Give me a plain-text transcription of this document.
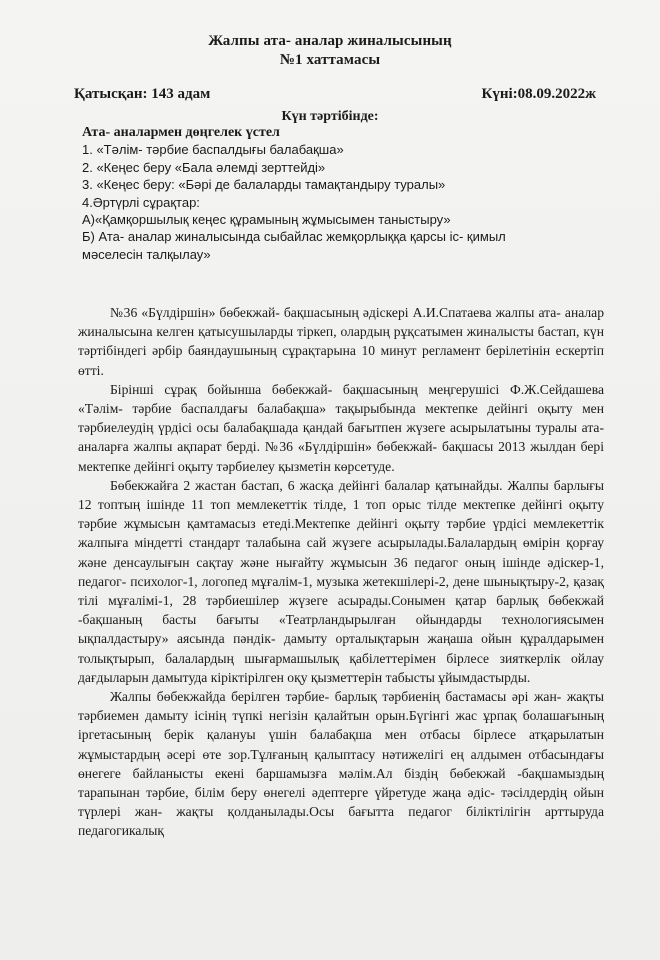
Жалпы ата- аналар жиналысының
№1 хаттамасы
Қатысқан: 143 адам	Күні:08.09.2022ж
Күн тәртібінде:
Ата- аналармен дөңгелек үстел
1. «Тәлім- тәрбие баспалдығы балабақша»
2. «Кеңес беру «Бала әлемді зерттейді»
3. «Кеңес беру: «Бәрі де балаларды тамақтандыру туралы»
4.Әртүрлі сұрақтар:
А)«Қамқоршылық кеңес құрамының жұмысымен таныстыру»
Б) Ата- аналар жиналысында сыбайлас жемқорлыққа қарсы іс- қимыл
мәселесін талқылау»

№36 «Бүлдіршін» бөбекжай- бақшасының әдіскері А.И.Спатаева жалпы ата- аналар жиналысына келген қатысушыларды тіркеп, олардың рұқсатымен жиналысты бастап, күн тәртібіндегі әрбір баяндаушының сұрақтарына 10 минут регламент берілетінін ескертіп өтті.

Бірінші сұрақ бойынша бөбекжай- бақшасының меңгерушісі Ф.Ж.Сейдашева «Тәлім- тәрбие баспалдағы балабақша» тақырыбында мектепке дейінгі оқыту мен тәрбиелеудің үрдісі осы балабақшада қандай бағытпен жүзеге асырылатыны туралы ата- аналарға жалпы ақпарат берді. №36 «Бүлдіршін» бөбекжай- бақшасы 2013 жылдан бері мектепке дейінгі оқыту тәрбиелеу қызметін көрсетуде.

Бөбекжайға 2 жастан бастап, 6 жасқа дейінгі балалар қатынайды. Жалпы барлығы 12 топтың ішінде 11 топ мемлекеттік тілде, 1 топ орыс тілде мектепке дейінгі оқыту тәрбие жұмысын қамтамасыз етеді.Мектепке дейінгі оқыту тәрбие үрдісі мемлекеттік жалпыға міндетті стандарт талабына сай жүзеге асырылады.Балалардың өмірін қорғау және денсаулығын сақтау және нығайту жұмысын 36 педагог оның ішінде әдіскер-1, педагог- психолог-1, логопед мұғалім-1, музыка жетекшілері-2, дене шынықтыру-2, қазақ тілі мұғалімі-1, 28 тәрбиешілер жүзеге асырады.Сонымен қатар барлық бөбекжай -бақшаның басты бағыты «Театрландырылған ойындарды технологиясымен ықпалдастыру» аясында пәндік- дамыту орталықтарын жаңаша ойын құралдарымен толықтырып, балалардың шығармашылық қабілеттерімен бірлесе зияткерлік ойлау дағдыларын дамытуда кіріктірілген оқу қызметтерін табысты ұйымдастырды.

Жалпы бөбекжайда берілген тәрбие- барлық тәрбиенің бастамасы әрі жан- жақты тәрбиемен дамыту ісінің түпкі негізін қалайтын орын.Бүгінгі жас ұрпақ болашағының іргетасының берік қалануы үшін балабақша мен отбасы бірлесе атқарылатын жұмыстардың әсері өте зор.Тұлғаның қалыптасу нәтижелігі ең алдымен отбасындағы өнегеге байланысты екені баршамызға мәлім.Ал біздің бөбекжай -бақшамыздың тарапынан тәрбие, білім беру өнегелі әдептерге үйретуде жаңа әдіс- тәсілдердің ойын түрлері жан- жақты қолданылады.Осы бағытта педагог біліктілігін арттыруда педагогикалық
